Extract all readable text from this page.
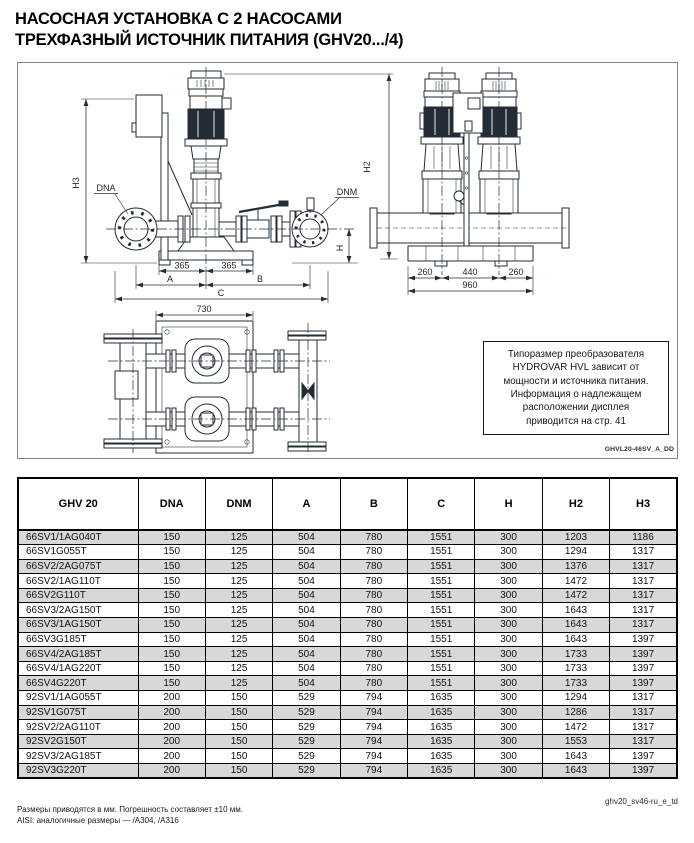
НАСОСНАЯ УСТАНОВКА С 2 НАСОСАМИ
ТРЕХФАЗНЫЙ ИСТОЧНИК ПИТАНИЯ (GHV20.../4)
H3 DNA	DNM
H
365	365
A	B
C
H2
260	440	260
960
730
Типоразмер преобразователя
HYDROVAR HVL зависит от
мощности и источника питания.
Информация о надлежащем
расположении дисплея
приводится на стр. 41
GHVL20-46SV_A_DD
GHV 20	DNA	DNM	A	B	C	H	H2	H3
66SV1/1AG040T	150	125	504	780	1551	300	1203	1186
66SV1G055T	150	125	504	780	1551	300	1294	1317
66SV2/2AG075T	150	125	504	780	1551	300	1376	1317
66SV2/1AG110T	150	125	504	780	1551	300	1472	1317
66SV2G110T	150	125	504	780	1551	300	1472	1317
66SV3/2AG150T	150	125	504	780	1551	300	1643	1317
66SV3/1AG150T	150	125	504	780	1551	300	1643	1317
66SV3G185T	150	125	504	780	1551	300	1643	1397
66SV4/2AG185T	150	125	504	780	1551	300	1733	1397
66SV4/1AG220T	150	125	504	780	1551	300	1733	1397
66SV4G220T	150	125	504	780	1551	300	1733	1397
92SV1/1AG055T	200	150	529	794	1635	300	1294	1317
92SV1G075T	200	150	529	794	1635	300	1286	1317
92SV2/2AG110T	200	150	529	794	1635	300	1472	1317
92SV2G150T	200	150	529	794	1635	300	1553	1317
92SV3/2AG185T	200	150	529	794	1635	300	1643	1397
92SV3G220T	200	150	529	794	1635	300	1643	1397
Размеры приводятся в мм. Погрешность составляет ±10 мм.
AISI: аналогичные размеры — /А304, /А316
ghv20_sv46-ru_e_td
